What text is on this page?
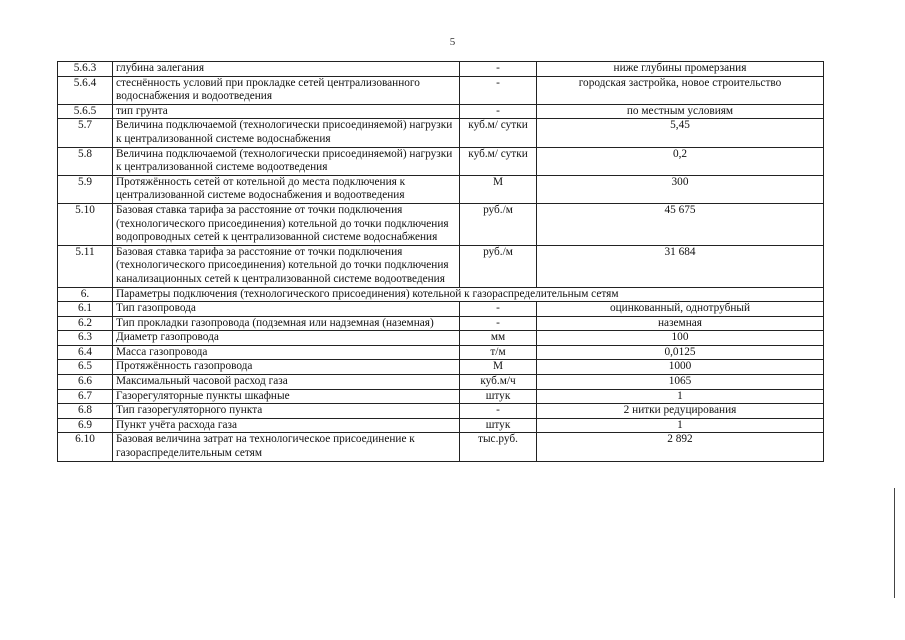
5
5.6.3	глубина залегания	-	ниже глубины промерзания
5.6.4	стеснённость условий при прокладке сетей централизованного водоснабжения и водоотведения	-	городская застройка, новое строительство
5.6.5	тип грунта	-	по местным условиям
5.7	Величина подключаемой (технологически присоединяемой) нагрузки к централизованной системе водоснабжения	куб.м/ сутки	5,45
5.8	Величина подключаемой (технологически присоединяемой) нагрузки к централизованной системе водоотведения	куб.м/ сутки	0,2
5.9	Протяжённость сетей от котельной до места подключения к централизованной системе водоснабжения и водоотведения	М	300
5.10	Базовая ставка тарифа за расстояние от точки подключения (технологического присоединения) котельной до точки подключения водопроводных сетей к централизованной системе водоснабжения	руб./м	45 675
5.11	Базовая ставка тарифа за расстояние от точки подключения (технологического присоединения) котельной до точки подключения канализационных сетей к централизованной системе водоотведения	руб./м	31 684
6.	Параметры подключения (технологического присоединения) котельной к газораспределительным сетям		
6.1	Тип газопровода	-	оцинкованный, однотрубный
6.2	Тип прокладки газопровода (подземная или надземная (наземная)	-	наземная
6.3	Диаметр газопровода	мм	100
6.4	Масса газопровода	т/м	0,0125
6.5	Протяжённость газопровода	М	1000
6.6	Максимальный часовой расход газа	куб.м/ч	1065
6.7	Газорегуляторные пункты шкафные	штук	1
6.8	Тип газорегуляторного пункта	-	2 нитки редуцирования
6.9	Пункт учёта расхода газа	штук	1
6.10	Базовая величина затрат на технологическое присоединение к газораспределительным сетям	тыс.руб.	2 892
